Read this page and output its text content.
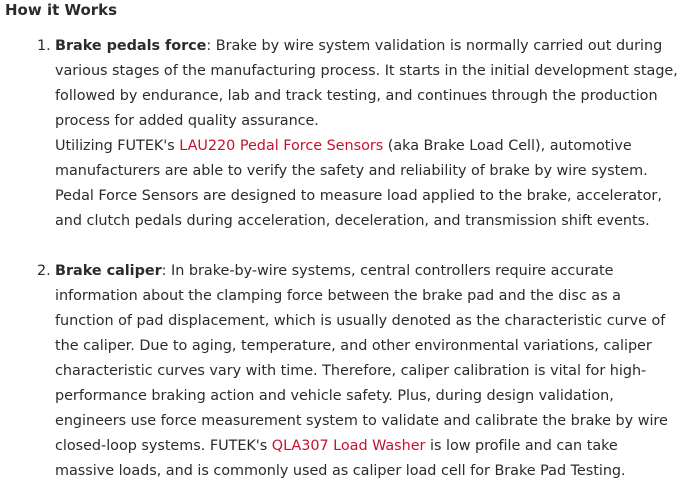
How it Works
1. Brake pedals force: Brake by wire system validation is normally carried out during
various stages of the manufacturing process. It starts in the initial development stage,
followed by endurance, lab and track testing, and continues through the production
process for added quality assurance.
Utilizing FUTEK's LAU220 Pedal Force Sensors (aka Brake Load Cell), automotive
manufacturers are able to verify the safety and reliability of brake by wire system.
Pedal Force Sensors are designed to measure load applied to the brake, accelerator,
and clutch pedals during acceleration, deceleration, and transmission shift events.
2. Brake caliper: In brake-by-wire systems, central controllers require accurate
information about the clamping force between the brake pad and the disc as a
function of pad displacement, which is usually denoted as the characteristic curve of
the caliper. Due to aging, temperature, and other environmental variations, caliper
characteristic curves vary with time. Therefore, caliper calibration is vital for high-
performance braking action and vehicle safety. Plus, during design validation,
engineers use force measurement system to validate and calibrate the brake by wire
closed-loop systems. FUTEK's QLA307 Load Washer is low profile and can take
massive loads, and is commonly used as caliper load cell for Brake Pad Testing.
